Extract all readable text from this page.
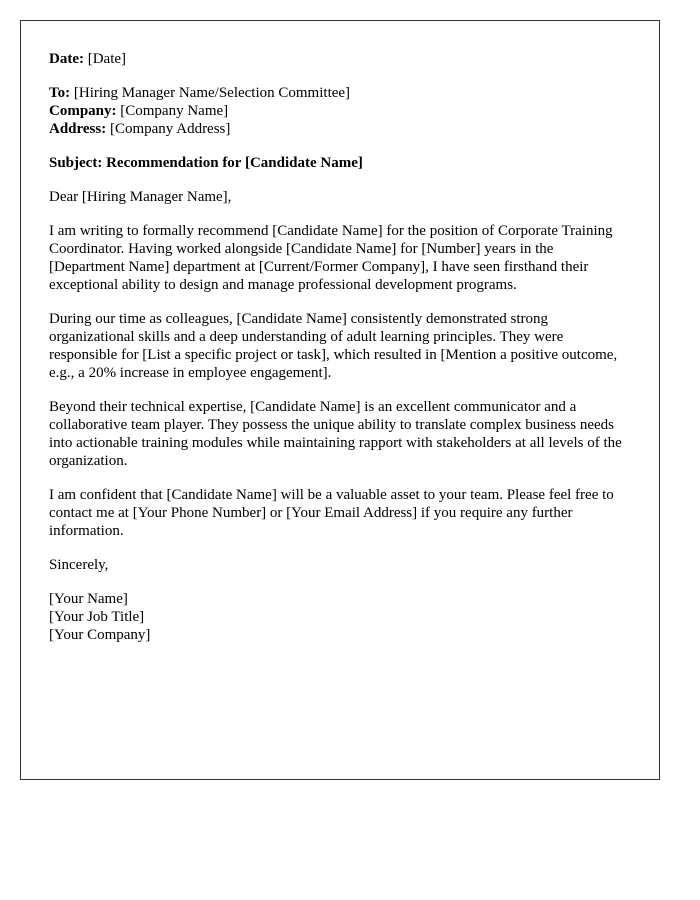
Date: [Date]
To: [Hiring Manager Name/Selection Committee]
Company: [Company Name]
Address: [Company Address]
Subject: Recommendation for [Candidate Name]
Dear [Hiring Manager Name],

I am writing to formally recommend [Candidate Name] for the position of Corporate Training Coordinator. Having worked alongside [Candidate Name] for [Number] years in the [Department Name] department at [Current/Former Company], I have seen firsthand their exceptional ability to design and manage professional development programs.

During our time as colleagues, [Candidate Name] consistently demonstrated strong organizational skills and a deep understanding of adult learning principles. They were responsible for [List a specific project or task], which resulted in [Mention a positive outcome, e.g., a 20% increase in employee engagement].

Beyond their technical expertise, [Candidate Name] is an excellent communicator and a collaborative team player. They possess the unique ability to translate complex business needs into actionable training modules while maintaining rapport with stakeholders at all levels of the organization.

I am confident that [Candidate Name] will be a valuable asset to your team. Please feel free to contact me at [Your Phone Number] or [Your Email Address] if you require any further information.

Sincerely,
[Your Name]
[Your Job Title]
[Your Company]
